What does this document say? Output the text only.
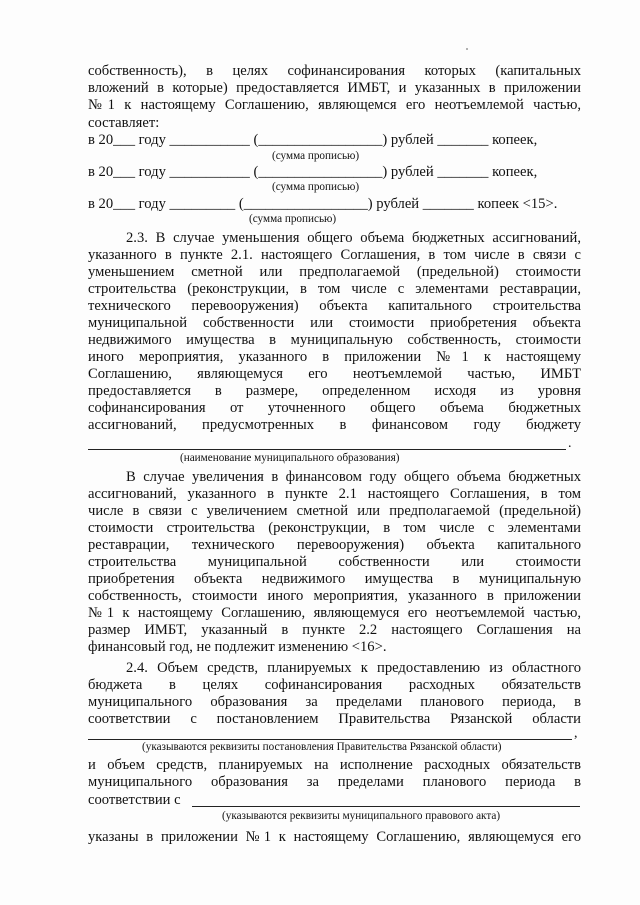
собственность), в целях софинансирования которых (капитальных
вложений в которые) предоставляется ИМБТ, и указанных в приложении
№1 к настоящему Соглашению, являющемся его неотъемлемой частью,
составляет:
в 20___ году ___________ (_________________) рублей _______ копеек,
(сумма прописью)
в 20___ году ___________ (_________________) рублей _______ копеек,
(сумма прописью)
в 20___ году _________ (_________________) рублей _______ копеек <15>.
(сумма прописью)
2.3. В случае уменьшения общего объема бюджетных ассигнований,
указанного в пункте 2.1. настоящего Соглашения, в том числе в связи с
уменьшением сметной или предполагаемой (предельной) стоимости
строительства (реконструкции, в том числе с элементами реставрации,
технического перевооружения) объекта капитального строительства
муниципальной собственности или стоимости приобретения объекта
недвижимого имущества в муниципальную собственность, стоимости
иного мероприятия, указанного в приложении №1 к настоящему
Соглашению, являющемуся его неотъемлемой частью, ИМБТ
предоставляется в размере, определенном исходя из уровня
софинансирования от уточненного общего объема бюджетных
ассигнований, предусмотренных в финансовом году бюджету
.
(наименование муниципального образования)
В случае увеличения в финансовом году общего объема бюджетных
ассигнований, указанного в пункте 2.1 настоящего Соглашения, в том
числе в связи с увеличением сметной или предполагаемой (предельной)
стоимости строительства (реконструкции, в том числе с элементами
реставрации, технического перевооружения) объекта капитального
строительства муниципальной собственности или стоимости
приобретения объекта недвижимого имущества в муниципальную
собственность, стоимости иного мероприятия, указанного в приложении
№1 к настоящему Соглашению, являющемуся его неотъемлемой частью,
размер ИМБТ, указанный в пункте 2.2 настоящего Соглашения на
финансовый год, не подлежит изменению <16>.
2.4. Объем средств, планируемых к предоставлению из областного
бюджета в целях софинансирования расходных обязательств
муниципального образования за пределами планового периода, в
соответствии с постановлением Правительства Рязанской области
,
(указываются реквизиты постановления Правительства Рязанской области)
и объем средств, планируемых на исполнение расходных обязательств
муниципального образования за пределами планового периода в
соответствии с
(указываются реквизиты муниципального правового акта)
указаны в приложении №1 к настоящему Соглашению, являющемуся его
